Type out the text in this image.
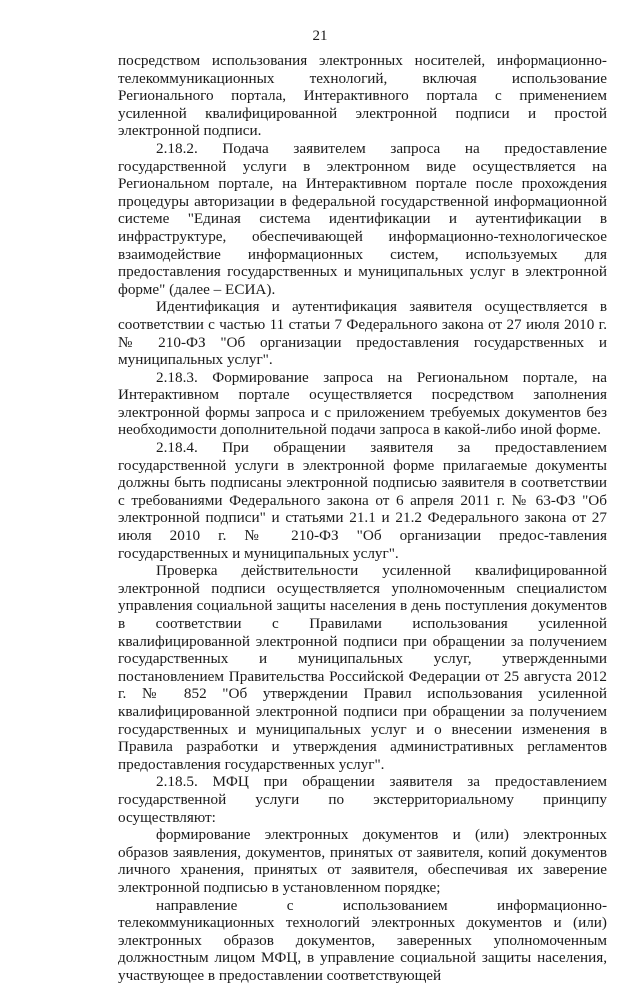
21

посредством использования электронных носителей, информационно-телекоммуникационных технологий, включая использование Регионального портала, Интерактивного портала с применением усиленной квалифицированной электронной подписи и простой электронной подписи.

2.18.2. Подача заявителем запроса на предоставление государственной услуги в электронном виде осуществляется на Региональном портале, на Интерактивном портале после прохождения процедуры авторизации в федеральной государственной информационной системе "Единая система идентификации и аутентификации в инфраструктуре, обеспечивающей информационно-технологическое взаимодействие информационных систем, используемых для предоставления государственных и муниципальных услуг в электронной форме" (далее – ЕСИА).

Идентификация и аутентификация заявителя осуществляется в соответствии с частью 11 статьи 7 Федерального закона от 27 июля 2010 г. № 210-ФЗ "Об организации предоставления государственных и муниципальных услуг".

2.18.3. Формирование запроса на Региональном портале, на Интерактивном портале осуществляется посредством заполнения электронной формы запроса и с приложением требуемых документов без необходимости дополнительной подачи запроса в какой-либо иной форме.

2.18.4. При обращении заявителя за предоставлением государственной услуги в электронной форме прилагаемые документы должны быть подписаны электронной подписью заявителя в соответствии с требованиями Федерального закона от 6 апреля 2011 г. № 63-ФЗ "Об электронной подписи" и статьями 21.1 и 21.2 Федерального закона от 27 июля 2010 г. № 210-ФЗ "Об организации предос-тавления государственных и муниципальных услуг".

Проверка действительности усиленной квалифицированной электронной подписи осуществляется уполномоченным специалистом управления социальной защиты населения в день поступления документов в соответствии с Правилами использования усиленной квалифицированной электронной подписи при обращении за получением государственных и муниципальных услуг, утвержденными постановлением Правительства Российской Федерации от 25 августа 2012 г. № 852 "Об утверждении Правил использования усиленной квалифицированной электронной подписи при обращении за получением государственных и муниципальных услуг и о внесении изменения в Правила разработки и утверждения административных регламентов предоставления государственных услуг".

2.18.5. МФЦ при обращении заявителя за предоставлением государственной услуги по экстерриториальному принципу осуществляют:

формирование электронных документов и (или) электронных образов заявления, документов, принятых от заявителя, копий документов личного хранения, принятых от заявителя, обеспечивая их заверение электронной подписью в установленном порядке;

направление с использованием информационно-телекоммуникационных технологий электронных документов и (или) электронных образов документов, заверенных уполномоченным должностным лицом МФЦ, в управление социальной защиты населения, участвующее в предоставлении соответствующей
